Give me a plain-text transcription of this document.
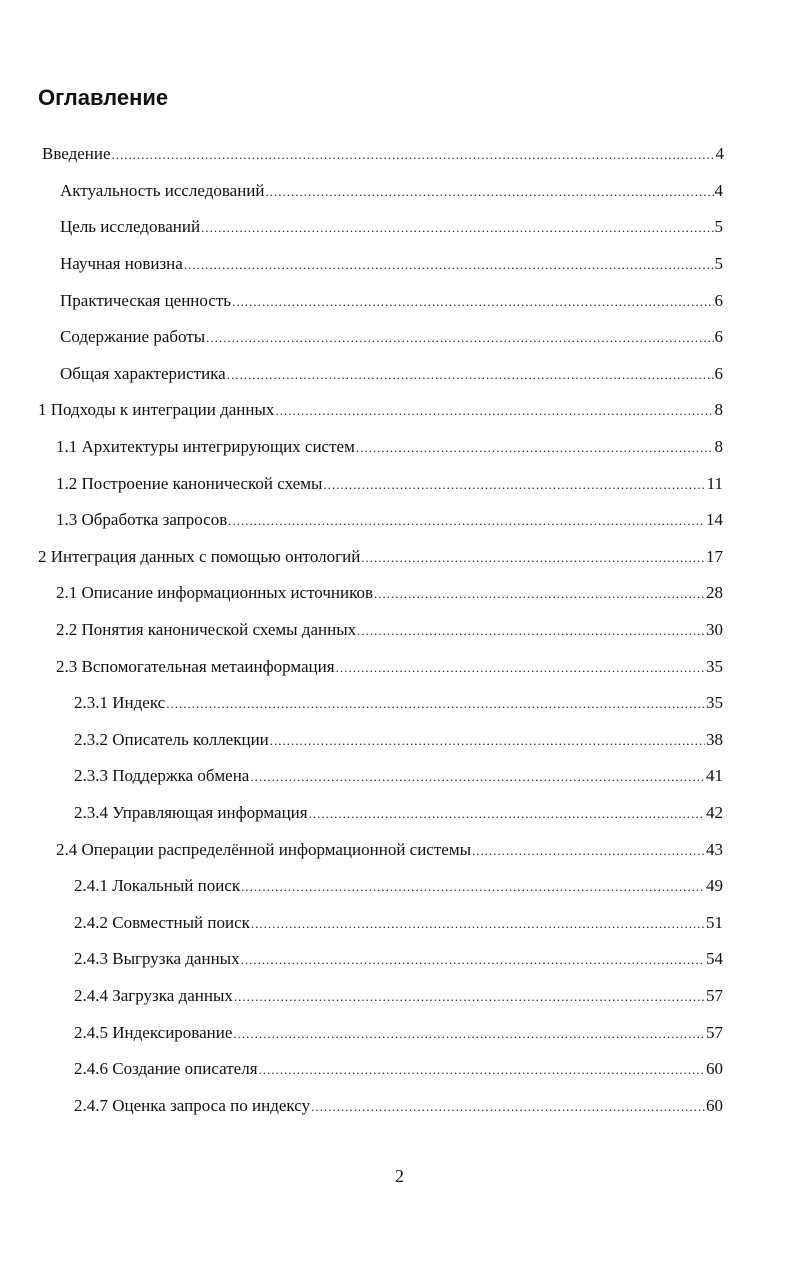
Оглавление
Введение .....	4
Актуальность исследований .....	4
Цель исследований .....	5
Научная новизна .....	5
Практическая ценность .....	6
Содержание работы .....	6
Общая характеристика .....	6
1 Подходы к интеграции данных .....	8
1.1 Архитектуры интегрирующих систем .....	8
1.2 Построение канонической схемы .....	11
1.3 Обработка запросов .....	14
2 Интеграция данных с помощью онтологий .....	17
2.1 Описание информационных источников .....	28
2.2 Понятия канонической схемы данных .....	30
2.3 Вспомогательная метаинформация .....	35
2.3.1 Индекс .....	35
2.3.2 Описатель коллекции .....	38
2.3.3 Поддержка обмена .....	41
2.3.4 Управляющая информация .....	42
2.4 Операции распределённой информационной системы .....	43
2.4.1 Локальный поиск .....	49
2.4.2 Совместный поиск .....	51
2.4.3 Выгрузка данных .....	54
2.4.4 Загрузка данных .....	57
2.4.5 Индексирование .....	57
2.4.6 Создание описателя .....	60
2.4.7 Оценка запроса по индексу .....	60
2
